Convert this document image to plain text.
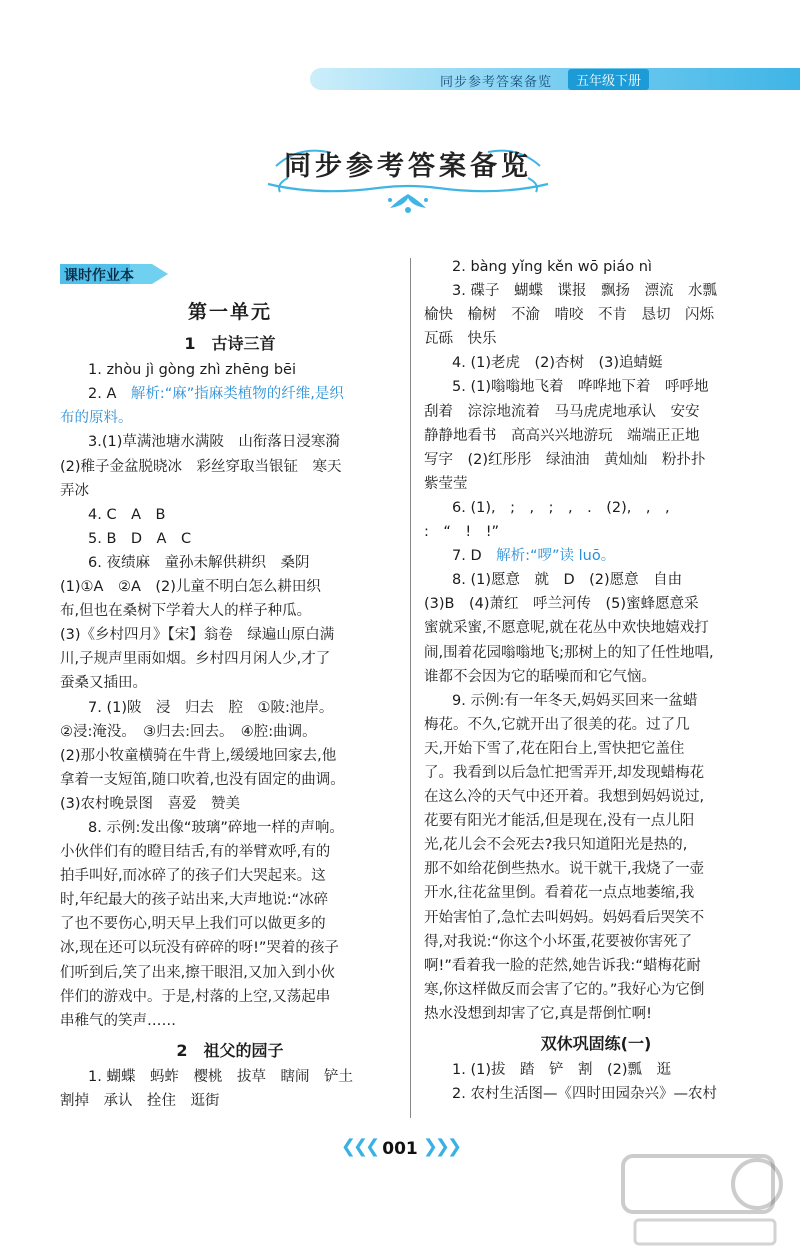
同步参考答案备览	五年级下册
同步参考答案备览
课时作业本
第一单元
1　古诗三首
1. zhòu jì gòng zhì zhēng bēi
2. A　解析:“麻”指麻类植物的纤维,是织
布的原料。
3.(1)草满池塘水满陂　山衔落日浸寒漪
(2)稚子金盆脱晓冰　彩丝穿取当银钲　寒天
弄冰
4. C　A　B
5. B　D　A　C
6. 夜绩麻　童孙未解供耕织　桑阴
(1)①A　②A　(2)儿童不明白怎么耕田织
布,但也在桑树下学着大人的样子种瓜。
(3)《乡村四月》【宋】翁卷　绿遍山原白满
川,子规声里雨如烟。乡村四月闲人少,才了
蚕桑又插田。
7. (1)陂　浸　归去　腔　①陂:池岸。
②浸:淹没。　③归去:回去。　④腔:曲调。
(2)那小牧童横骑在牛背上,缓缓地回家去,他
拿着一支短笛,随口吹着,也没有固定的曲调。
(3)农村晚景图　喜爱　赞美
8. 示例:发出像“玻璃”碎地一样的声响。
小伙伴们有的瞪目结舌,有的举臂欢呼,有的
拍手叫好,而冰碎了的孩子们大哭起来。这
时,年纪最大的孩子站出来,大声地说:“冰碎
了也不要伤心,明天早上我们可以做更多的
冰,现在还可以玩没有碎碎的呀!”哭着的孩子
们听到后,笑了出来,擦干眼泪,又加入到小伙
伴们的游戏中。于是,村落的上空,又荡起串
串稚气的笑声……
2　祖父的园子
1. 蝴蝶　蚂蚱　樱桃　拔草　瞎闹　铲土
割掉　承认　拴住　逛街
2. bàng yǐng kěn wō piáo nì
3. 碟子　蝴蝶　谍报　飘扬　漂流　水瓢
榆快　榆树　不渝　啃咬　不肯　恳切　闪烁
瓦砾　快乐
4. (1)老虎　(2)杏树　(3)追蜻蜓
5. (1)嗡嗡地飞着　哗哗地下着　呼呼地
刮着　淙淙地流着　马马虎虎地承认　安安
静静地看书　高高兴兴地游玩　端端正正地
写字　(2)红彤彤　绿油油　黄灿灿　粉扑扑
紫莹莹
6. (1),　;　,　;　,　.　(2),　,　,
:　“　!　!”
7. D　解析:“啰”读 luō。
8. (1)愿意　就　D　(2)愿意　自由
(3)B　(4)萧红　呼兰河传　(5)蜜蜂愿意采
蜜就采蜜,不愿意呢,就在花丛中欢快地嬉戏打
闹,围着花园嗡嗡地飞;那树上的知了任性地唱,
谁都不会因为它的聒噪而和它气恼。
9. 示例:有一年冬天,妈妈买回来一盆蜡
梅花。不久,它就开出了很美的花。过了几
天,开始下雪了,花在阳台上,雪快把它盖住
了。我看到以后急忙把雪弄开,却发现蜡梅花
在这么冷的天气中还开着。我想到妈妈说过,
花要有阳光才能活,但是现在,没有一点儿阳
光,花儿会不会死去?我只知道阳光是热的,
那不如给花倒些热水。说干就干,我烧了一壶
开水,往花盆里倒。看着花一点点地萎缩,我
开始害怕了,急忙去叫妈妈。妈妈看后哭笑不
得,对我说:“你这个小坏蛋,花要被你害死了
啊!”看着我一脸的茫然,她告诉我:“蜡梅花耐
寒,你这样做反而会害了它的。”我好心为它倒
热水没想到却害了它,真是帮倒忙啊!
双休巩固练(一)
1. (1)拔　踏　铲　割　(2)瓢　逛
2. 农村生活图—《四时田园杂兴》—农村
❮❮❮ 001 ❯❯❯
